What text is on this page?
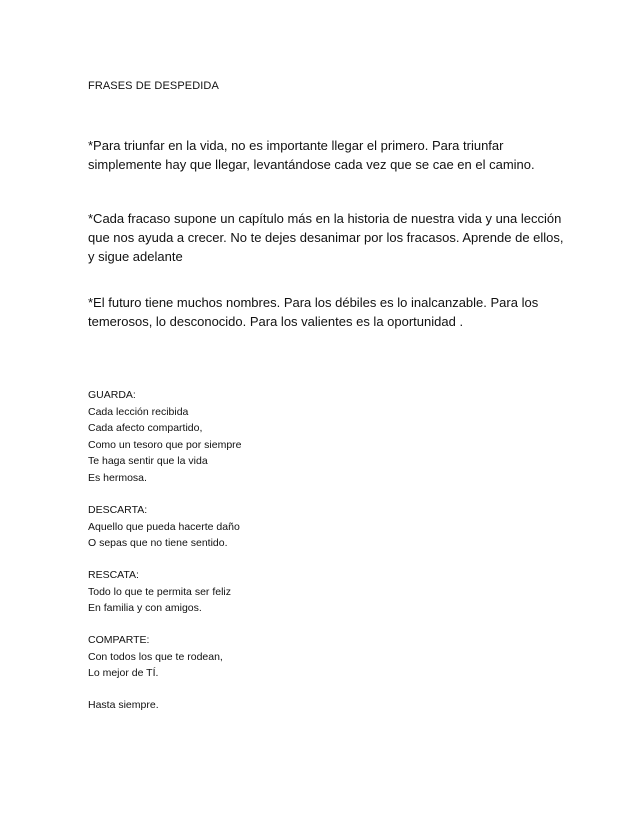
FRASES DE DESPEDIDA
*Para triunfar en la vida, no es importante llegar el primero. Para triunfar
simplemente hay que llegar, levantándose cada vez que se cae en el camino.
*Cada fracaso supone un capítulo más en la historia de nuestra vida y una lección
que nos ayuda a crecer. No te dejes desanimar por los fracasos. Aprende de ellos,
y sigue adelante
*El futuro tiene muchos nombres. Para los débiles es lo inalcanzable. Para los
temerosos, lo desconocido. Para los valientes es la oportunidad .
GUARDA:
Cada lección recibida
Cada afecto compartido,
Como un tesoro que por siempre
Te haga sentir que la vida
Es hermosa.
DESCARTA:
Aquello que pueda hacerte daño
O sepas que no tiene sentido.
RESCATA:
Todo lo que te permita ser feliz
En familia y con amigos.
COMPARTE:
Con todos los que te rodean,
Lo mejor de TÍ.
Hasta siempre.
